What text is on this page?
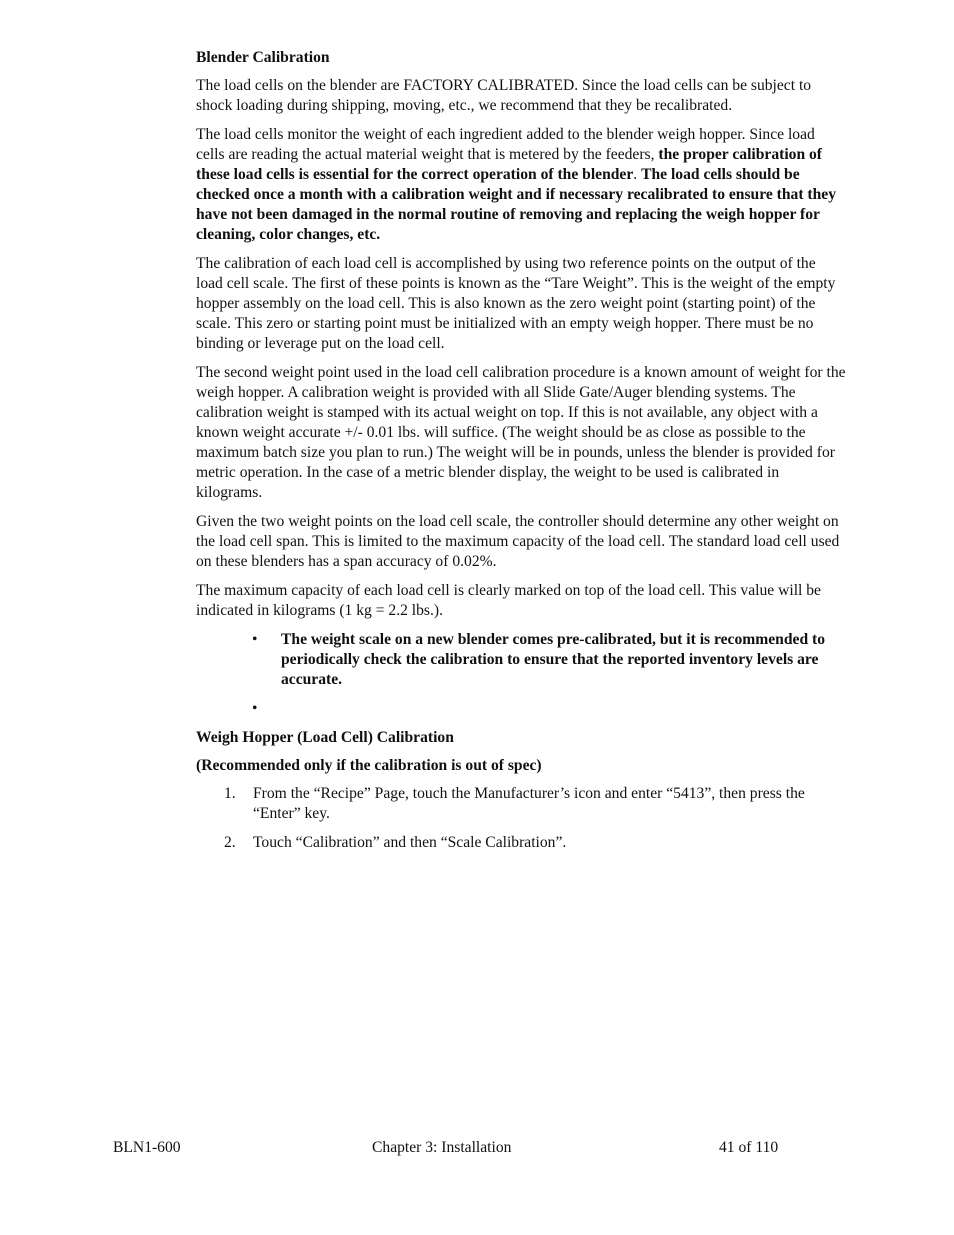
Blender Calibration

The load cells on the blender are FACTORY CALIBRATED. Since the load cells can be subject to shock loading during shipping, moving, etc., we recommend that they be recalibrated.

The load cells monitor the weight of each ingredient added to the blender weigh hopper. Since load cells are reading the actual material weight that is metered by the feeders, the proper calibration of these load cells is essential for the correct operation of the blender. The load cells should be checked once a month with a calibration weight and if necessary recalibrated to ensure that they have not been damaged in the normal routine of removing and replacing the weigh hopper for cleaning, color changes, etc.

The calibration of each load cell is accomplished by using two reference points on the output of the load cell scale. The first of these points is known as the “Tare Weight”. This is the weight of the empty hopper assembly on the load cell. This is also known as the zero weight point (starting point) of the scale. This zero or starting point must be initialized with an empty weigh hopper. There must be no binding or leverage put on the load cell.

The second weight point used in the load cell calibration procedure is a known amount of weight for the weigh hopper. A calibration weight is provided with all Slide Gate/Auger blending systems. The calibration weight is stamped with its actual weight on top. If this is not available, any object with a known weight accurate +/- 0.01 lbs. will suffice. (The weight should be as close as possible to the maximum batch size you plan to run.) The weight will be in pounds, unless the blender is provided for metric operation. In the case of a metric blender display, the weight to be used is calibrated in kilograms.

Given the two weight points on the load cell scale, the controller should determine any other weight on the load cell span. This is limited to the maximum capacity of the load cell. The standard load cell used on these blenders has a span accuracy of 0.02%.

The maximum capacity of each load cell is clearly marked on top of the load cell. This value will be indicated in kilograms (1 kg = 2.2 lbs.).

• The weight scale on a new blender comes pre-calibrated, but it is recommended to periodically check the calibration to ensure that the reported inventory levels are accurate.
•
Weigh Hopper (Load Cell) Calibration
(Recommended only if the calibration is out of spec)
1. From the “Recipe” Page, touch the Manufacturer’s icon and enter “5413”, then press the “Enter” key.
2. Touch “Calibration” and then “Scale Calibration”.
BLN1-600	Chapter 3: Installation	41 of 110
